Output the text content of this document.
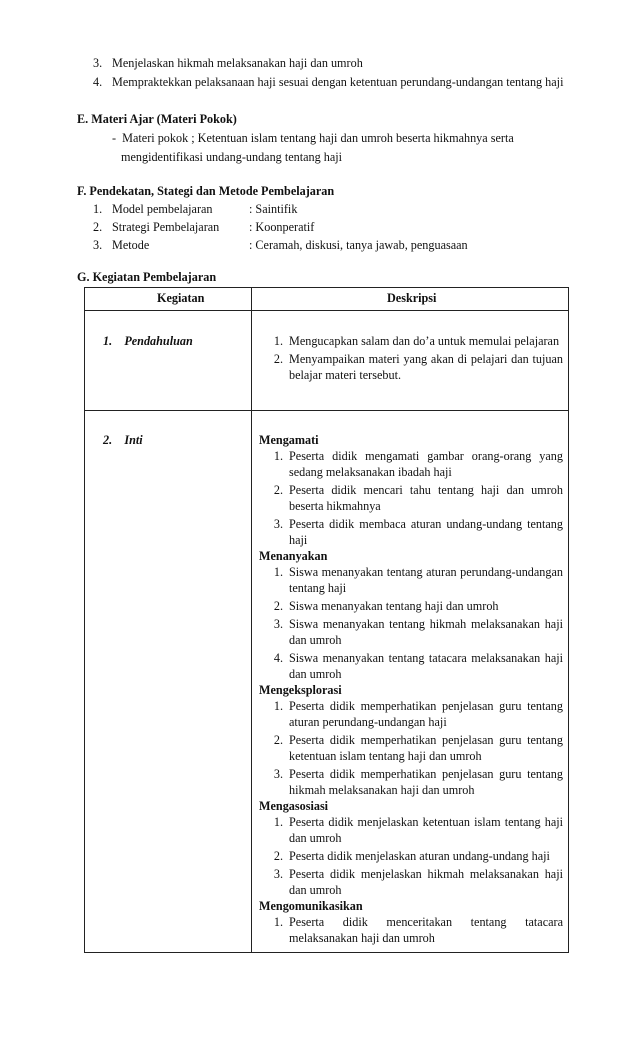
3. Menjelaskan hikmah melaksanakan haji dan umroh
4. Mempraktekkan pelaksanaan haji sesuai dengan ketentuan perundang-undangan tentang haji
E. Materi Ajar (Materi Pokok)
- Materi pokok ; Ketentuan islam tentang haji dan umroh beserta hikmahnya serta
mengidentifikasi undang-undang tentang haji
F. Pendekatan, Stategi dan Metode Pembelajaran
1. Model pembelajaran	: Saintifik
2. Strategi Pembelajaran : Koonperatif
3. Metode	: Ceramah, diskusi, tanya jawab, penguasaan
G. Kegiatan Pembelajaran
Kegiatan	Deskripsi
1.    Pendahuluan	1. Mengucapkan salam dan do’a untuk memulai pelajaran
2. Menyampaikan materi yang akan di pelajari dan tujuan belajar materi tersebut.
2.    Inti	Mengamati
1. Peserta didik mengamati gambar orang-orang yang sedang melaksanakan ibadah haji
2. Peserta didik mencari tahu tentang haji dan umroh beserta hikmahnya
3. Peserta didik membaca aturan undang-undang tentang haji
Menanyakan
1. Siswa menanyakan tentang aturan perundang-undangan tentang haji
2. Siswa menanyakan tentang haji dan umroh
3. Siswa menanyakan tentang hikmah melaksanakan haji dan umroh
4. Siswa menanyakan tentang tatacara melaksanakan haji dan umroh
Mengeksplorasi
1. Peserta didik memperhatikan penjelasan guru tentang aturan perundang-undangan haji
2. Peserta didik memperhatikan penjelasan guru tentang ketentuan islam tentang haji dan umroh
3. Peserta didik memperhatikan penjelasan guru tentang hikmah melaksanakan haji dan umroh
Mengasosiasi
1. Peserta didik menjelaskan ketentuan islam tentang haji dan umroh
2. Peserta didik menjelaskan aturan undang-undang haji
3. Peserta didik menjelaskan hikmah melaksanakan haji dan umroh
Mengomunikasikan
1. Peserta didik menceritakan tentang tatacara melaksanakan haji dan umroh
